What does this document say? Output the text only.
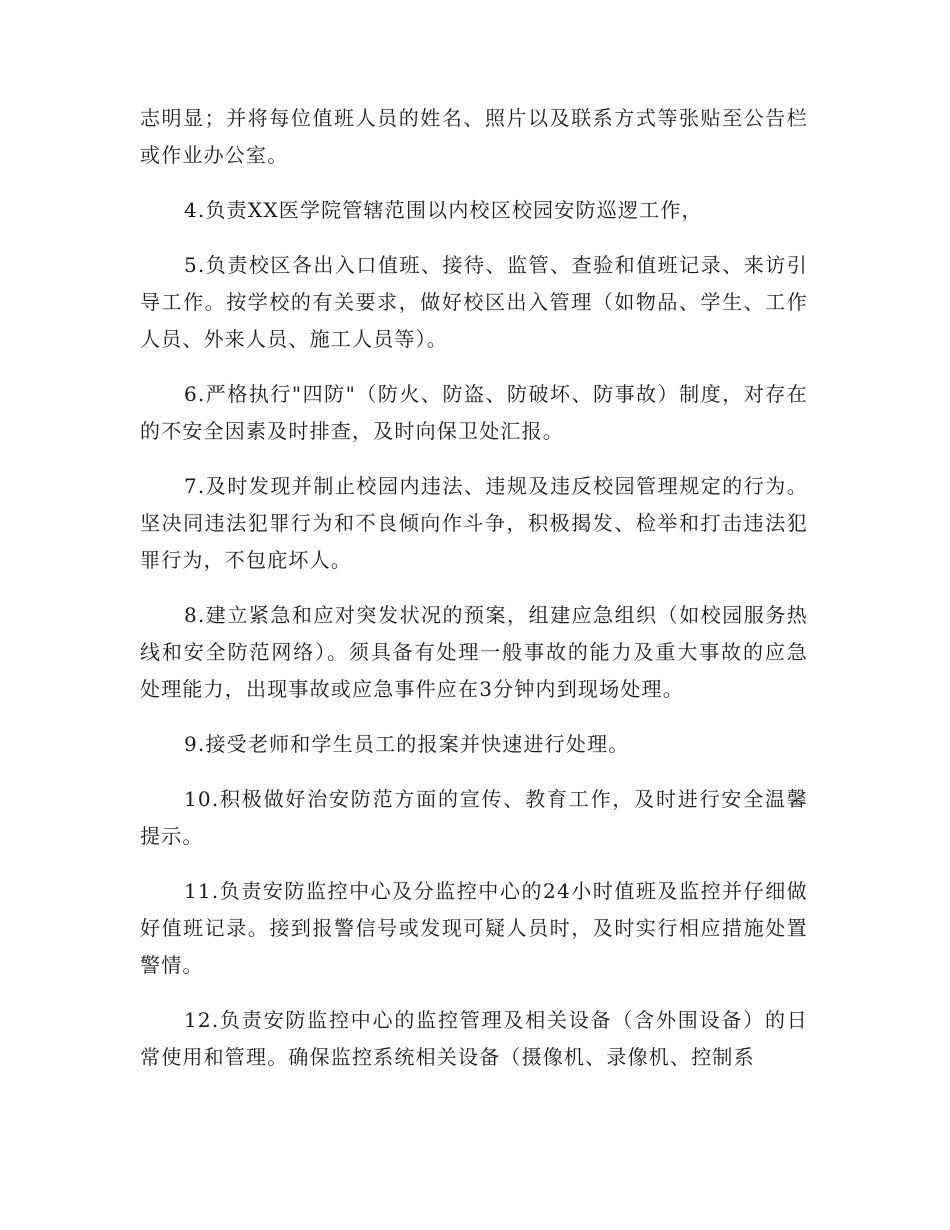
志明显；并将每位值班人员的姓名、照片以及联系方式等张贴至公告栏或作业办公室。

4.负责XX医学院管辖范围以内校区校园安防巡逻工作，

5.负责校区各出入口值班、接待、监管、查验和值班记录、来访引导工作。按学校的有关要求，做好校区出入管理（如物品、学生、工作人员、外来人员、施工人员等）。

6.严格执行"四防"（防火、防盗、防破坏、防事故）制度，对存在的不安全因素及时排查，及时向保卫处汇报。

7.及时发现并制止校园内违法、违规及违反校园管理规定的行为。坚决同违法犯罪行为和不良倾向作斗争，积极揭发、检举和打击违法犯罪行为，不包庇坏人。

8.建立紧急和应对突发状况的预案，组建应急组织（如校园服务热线和安全防范网络）。须具备有处理一般事故的能力及重大事故的应急处理能力，出现事故或应急事件应在3分钟内到现场处理。

9.接受老师和学生员工的报案并快速进行处理。

10.积极做好治安防范方面的宣传、教育工作，及时进行安全温馨提示。

11.负责安防监控中心及分监控中心的24小时值班及监控并仔细做好值班记录。接到报警信号或发现可疑人员时，及时实行相应措施处置警情。

12.负责安防监控中心的监控管理及相关设备（含外围设备）的日常使用和管理。确保监控系统相关设备（摄像机、录像机、控制系
